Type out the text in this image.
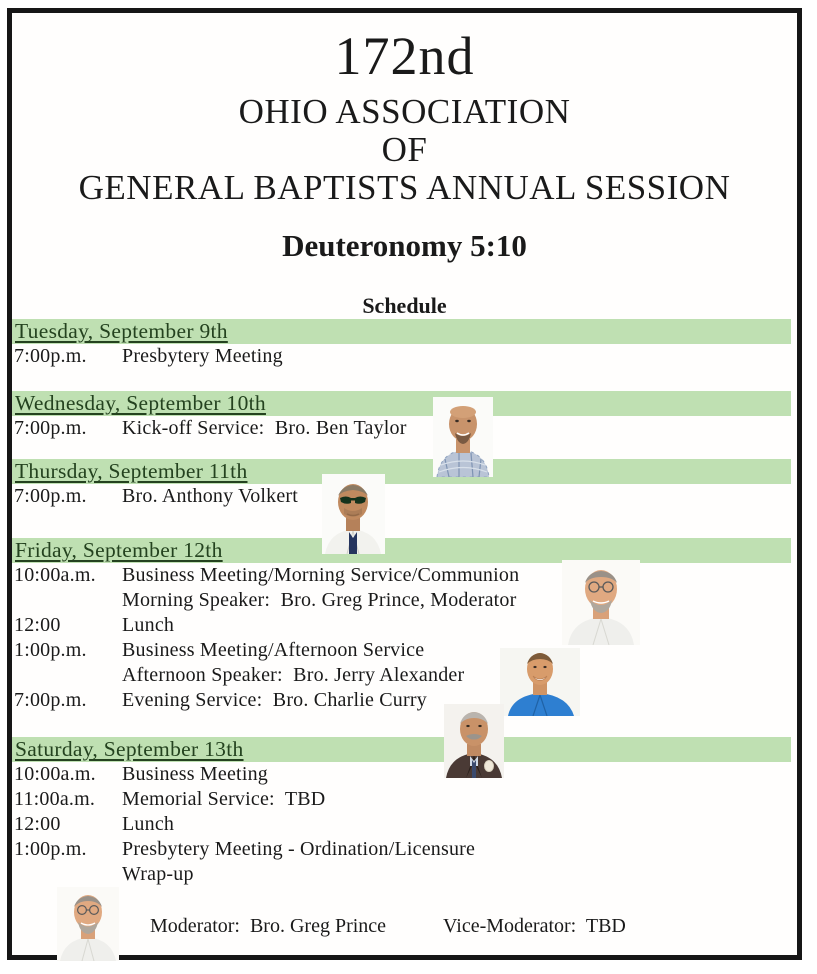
172nd
OHIO ASSOCIATION
OF
GENERAL BAPTISTS ANNUAL SESSION
Deuteronomy 5:10
Schedule
Tuesday, September 9th
7:00p.m.	Presbytery Meeting
Wednesday, September 10th
7:00p.m.	Kick-off Service:  Bro. Ben Taylor
Thursday, September 11th
7:00p.m.	Bro. Anthony Volkert
Friday, September 12th
10:00a.m.	Business Meeting/Morning Service/Communion
Morning Speaker:  Bro. Greg Prince, Moderator
12:00	Lunch
1:00p.m.	Business Meeting/Afternoon Service
Afternoon Speaker:  Bro. Jerry Alexander
7:00p.m.	Evening Service:  Bro. Charlie Curry
Saturday, September 13th
10:00a.m.	Business Meeting
11:00a.m.	Memorial Service:  TBD
12:00	Lunch
1:00p.m.	Presbytery Meeting - Ordination/Licensure
Wrap-up
Moderator:  Bro. Greg Prince	Vice-Moderator:  TBD
